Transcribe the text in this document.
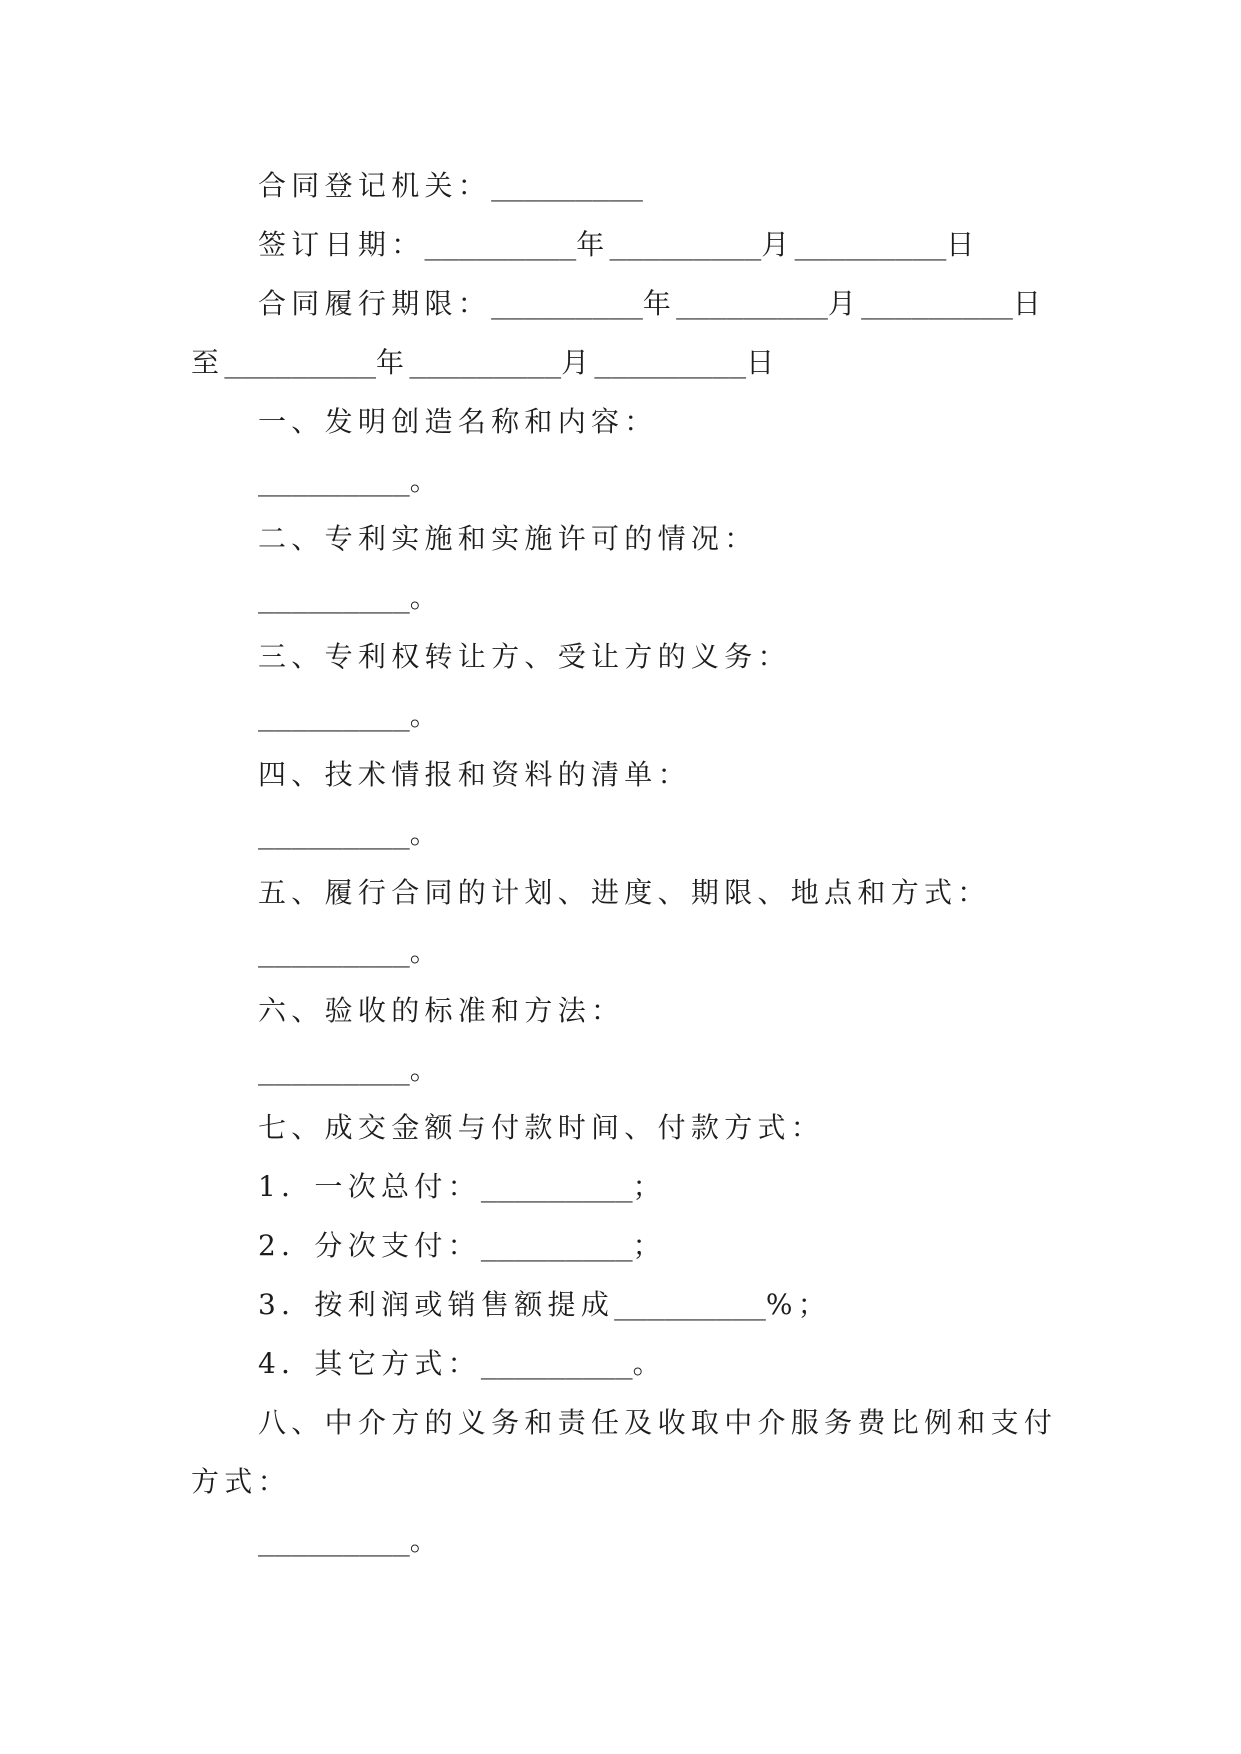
合同登记机关： _________
签订日期： _________ 年 _________ 月 _________ 日
合同履行期限： _________ 年 _________ 月 _________ 日
至 _________ 年 _________ 月 _________ 日
一、发明创造名称和内容：
_________ 。
二、专利实施和实施许可的情况：
_________ 。
三、专利权转让方、受让方的义务：
_________ 。
四、技术情报和资料的清单：
_________ 。
五、履行合同的计划、进度、期限、地点和方式：
_________ 。
六、验收的标准和方法：
_________ 。
七、成交金额与付款时间、付款方式：
1．一次总付： _________ ；
2．分次支付： _________ ；
3．按利润或销售额提成 _________ %；
4．其它方式： _________ 。
八、中介方的义务和责任及收取中介服务费比例和支付
方式：
_________ 。
